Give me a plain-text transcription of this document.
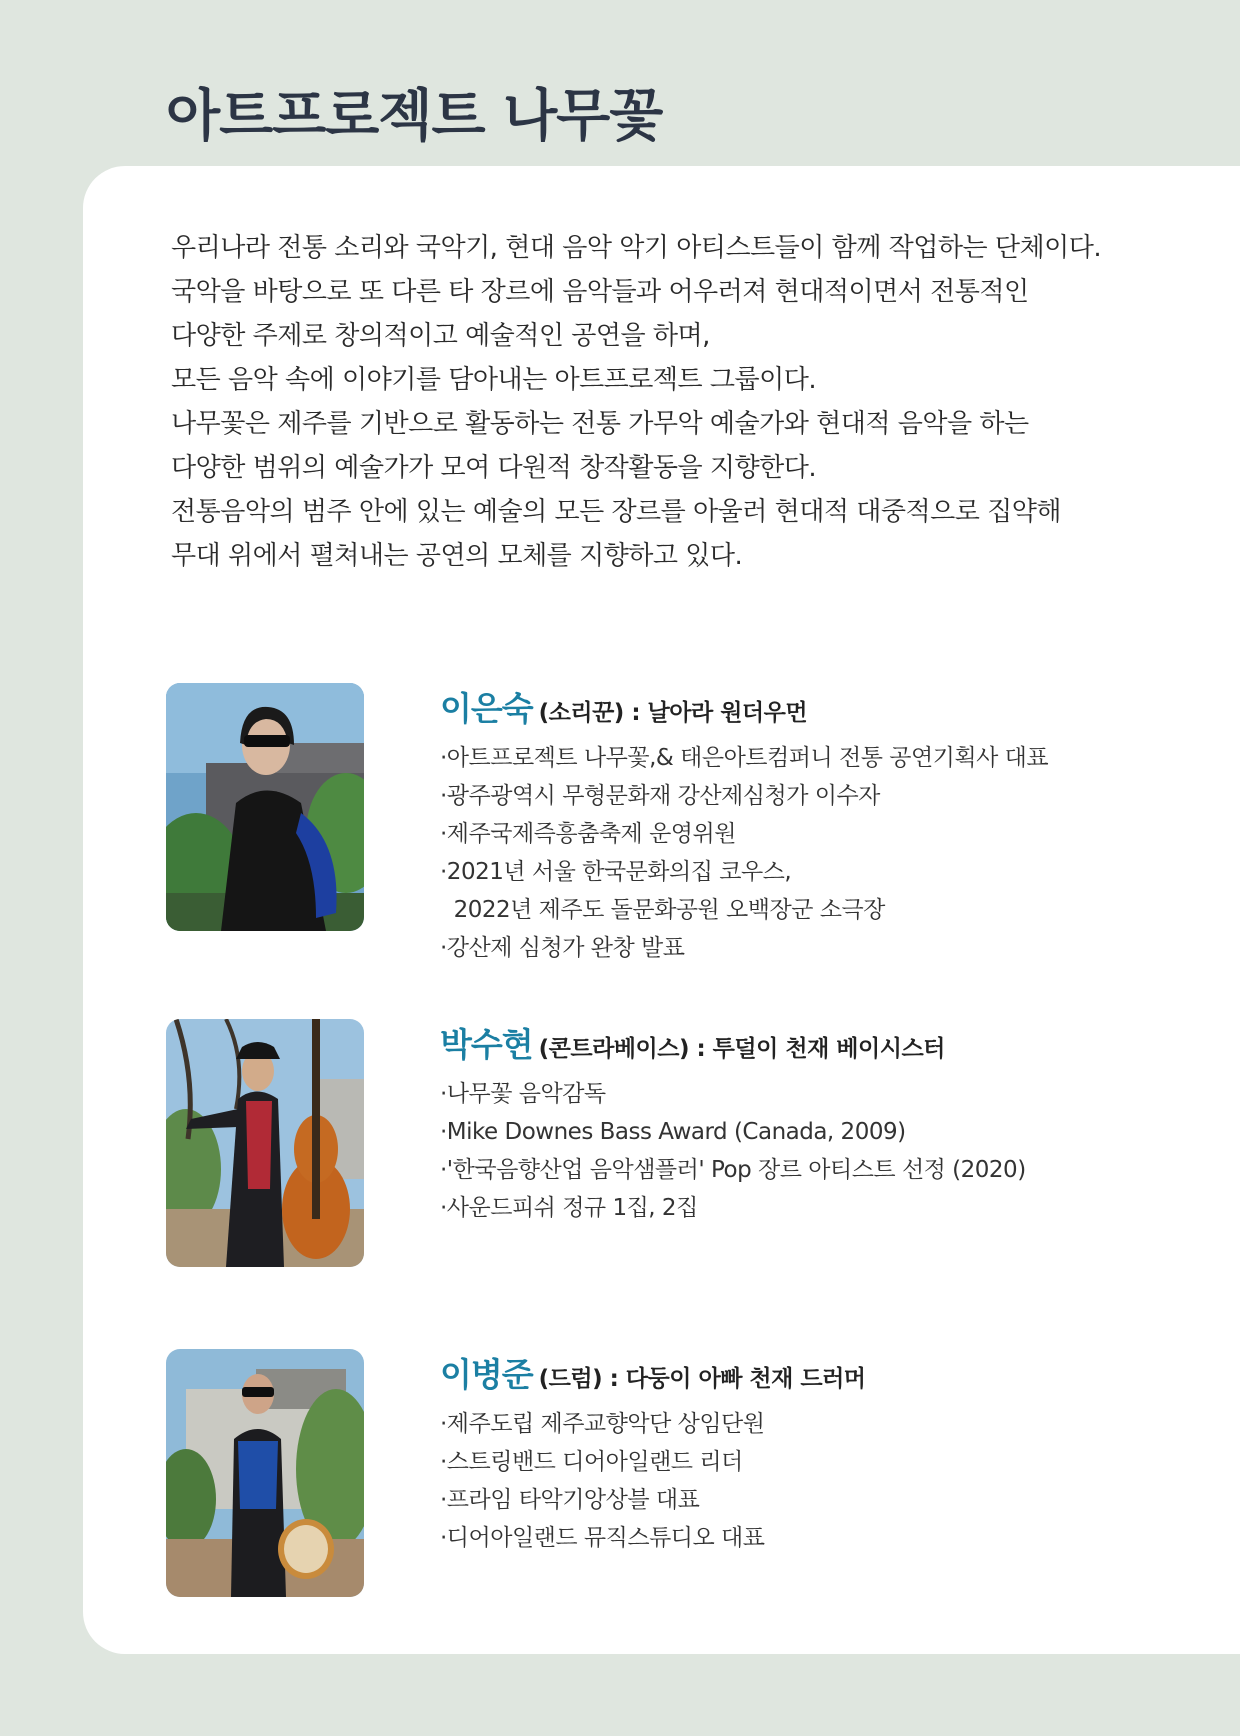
아트프로젝트 나무꽃
우리나라 전통 소리와 국악기, 현대 음악 악기 아티스트들이 함께 작업하는 단체이다.
국악을 바탕으로 또 다른 타 장르에 음악들과 어우러져 현대적이면서 전통적인
다양한 주제로 창의적이고 예술적인 공연을 하며,
모든 음악 속에 이야기를 담아내는 아트프로젝트 그룹이다.
나무꽃은 제주를 기반으로 활동하는 전통 가무악 예술가와 현대적 음악을 하는
다양한 범위의 예술가가 모여 다원적 창작활동을 지향한다.
전통음악의 범주 안에 있는 예술의 모든 장르를 아울러 현대적 대중적으로 집약해
무대 위에서 펼쳐내는 공연의 모체를 지향하고 있다.
이은숙 (소리꾼) : 날아라 원더우먼
·아트프로젝트 나무꽃,& 태은아트컴퍼니 전통 공연기획사 대표
·광주광역시 무형문화재 강산제심청가 이수자
·제주국제즉흥춤축제 운영위원
·2021년 서울 한국문화의집 코우스,
2022년 제주도 돌문화공원 오백장군 소극장
·강산제 심청가 완창 발표
박수현 (콘트라베이스) : 투덜이 천재 베이시스터
·나무꽃 음악감독
·Mike Downes Bass Award (Canada, 2009)
·'한국음향산업 음악샘플러' Pop 장르 아티스트 선정 (2020)
·사운드피쉬 정규 1집, 2집
이병준 (드럼) : 다둥이 아빠 천재 드러머
·제주도립 제주교향악단 상임단원
·스트링밴드 디어아일랜드 리더
·프라임 타악기앙상블 대표
·디어아일랜드 뮤직스튜디오 대표
